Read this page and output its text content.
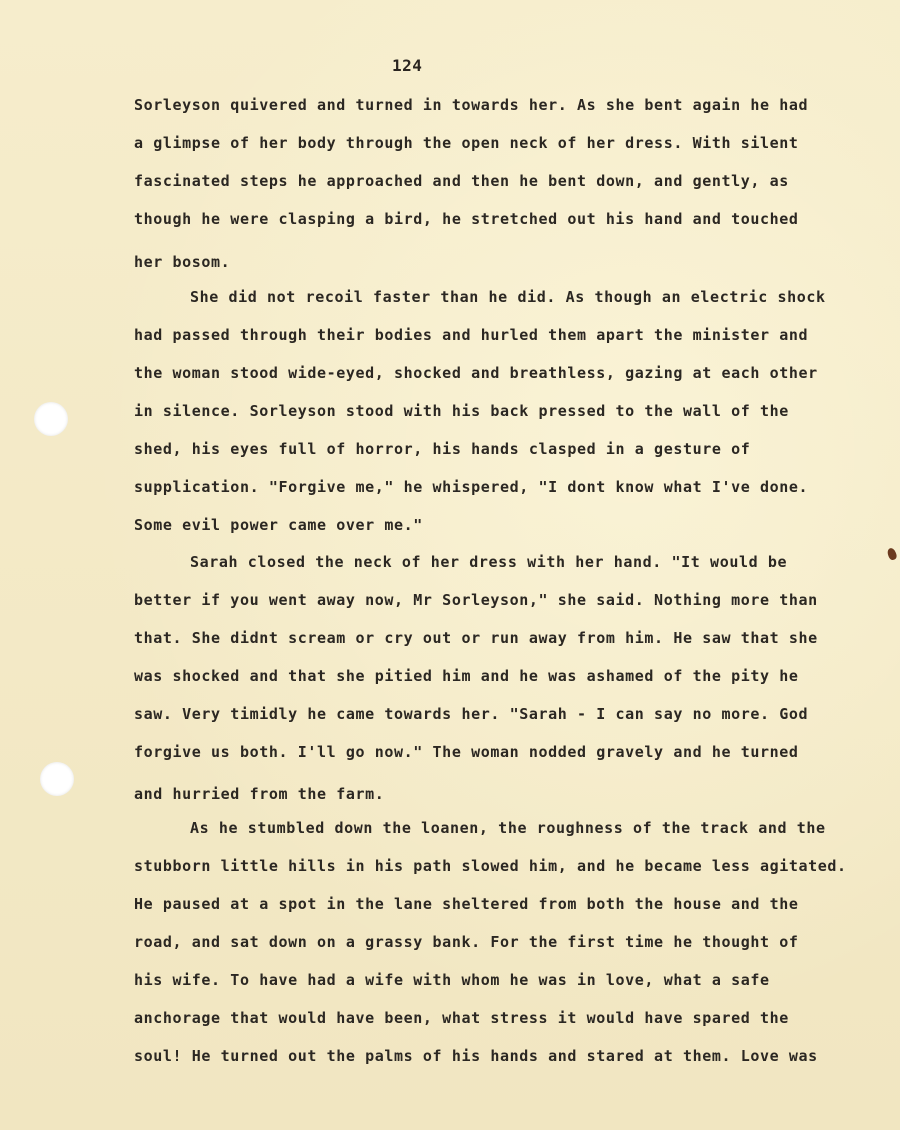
124
Sorleyson quivered and turned in towards her. As she bent again he had
a glimpse of her body through the open neck of her dress. With silent
fascinated steps he approached and then he bent down, and gently, as
though he were clasping a bird, he stretched out his hand and touched
her bosom.
She did not recoil faster than he did. As though an electric shock
had passed through their bodies and hurled them apart the minister and
the woman stood wide-eyed, shocked and breathless, gazing at each other
in silence. Sorleyson stood with his back pressed to the wall of the
shed, his eyes full of horror, his hands clasped in a gesture of
supplication. "Forgive me," he whispered, "I dont know what I've done.
Some evil power came over me."
Sarah closed the neck of her dress with her hand. "It would be
better if you went away now, Mr Sorleyson," she said. Nothing more than
that. She didnt scream or cry out or run away from him. He saw that she
was shocked and that she pitied him and he was ashamed of the pity he
saw. Very timidly he came towards her. "Sarah - I can say no more. God
forgive us both. I'll go now." The woman nodded gravely and he turned
and hurried from the farm.
As he stumbled down the loanen, the roughness of the track and the
stubborn little hills in his path slowed him, and he became less agitated.
He paused at a spot in the lane sheltered from both the house and the
road, and sat down on a grassy bank. For the first time he thought of
his wife. To have had a wife with whom he was in love, what a safe
anchorage that would have been, what stress it would have spared the
soul! He turned out the palms of his hands and stared at them. Love was
